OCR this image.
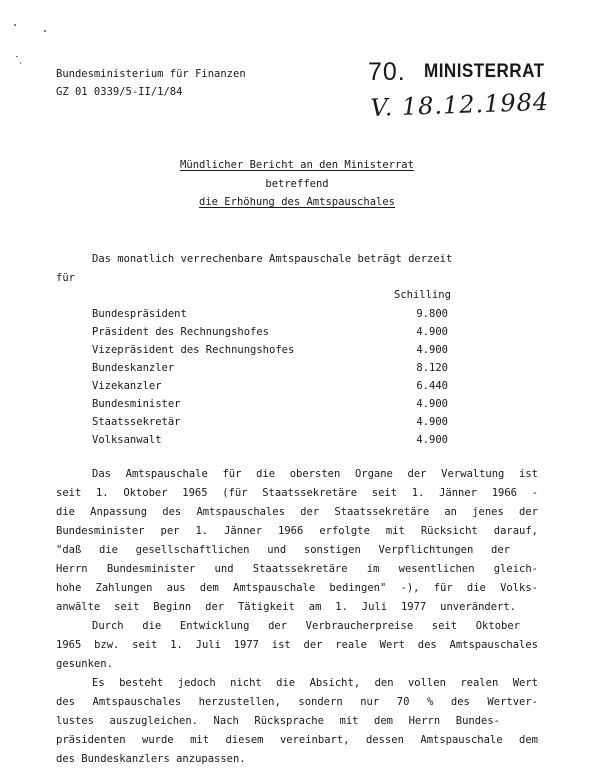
Bundesministerium für Finanzen
GZ 01 0339/5-II/1/84
70. MINISTERRAT
V. 18.12.1984
Mündlicher Bericht an den Ministerrat
betreffend
die Erhöhung des Amtspauschales
Das monatlich verrechenbare Amtspauschale beträgt derzeit
für
Schilling
Bundespräsident	9.800
Präsident des Rechnungshofes	4.900
Vizepräsident des Rechnungshofes	4.900
Bundeskanzler	8.120
Vizekanzler	6.440
Bundesminister	4.900
Staatssekretär	4.900
Volksanwalt	4.900
Das Amtspauschale für die obersten Organe der Verwaltung ist
seit 1. Oktober 1965 (für Staatssekretäre seit 1. Jänner 1966 -
die Anpassung des Amtspauschales der Staatssekretäre an jenes der
Bundesminister per 1. Jänner 1966 erfolgte mit Rücksicht darauf,
"daß die gesellschaftlichen und sonstigen Verpflichtungen der
Herrn Bundesminister und Staatssekretäre im wesentlichen gleich-
hohe Zahlungen aus dem Amtspauschale bedingen" -), für die Volks-
anwälte seit Beginn der Tätigkeit am 1. Juli 1977 unverändert.
Durch die Entwicklung der Verbraucherpreise seit Oktober
1965 bzw. seit 1. Juli 1977 ist der reale Wert des Amtspauschales
gesunken.
Es besteht jedoch nicht die Absicht, den vollen realen Wert
des Amtspauschales herzustellen, sondern nur 70 % des Wertver-
lustes auszugleichen. Nach Rücksprache mit dem Herrn Bundes-
präsidenten wurde mit diesem vereinbart, dessen Amtspauschale dem
des Bundeskanzlers anzupassen.
